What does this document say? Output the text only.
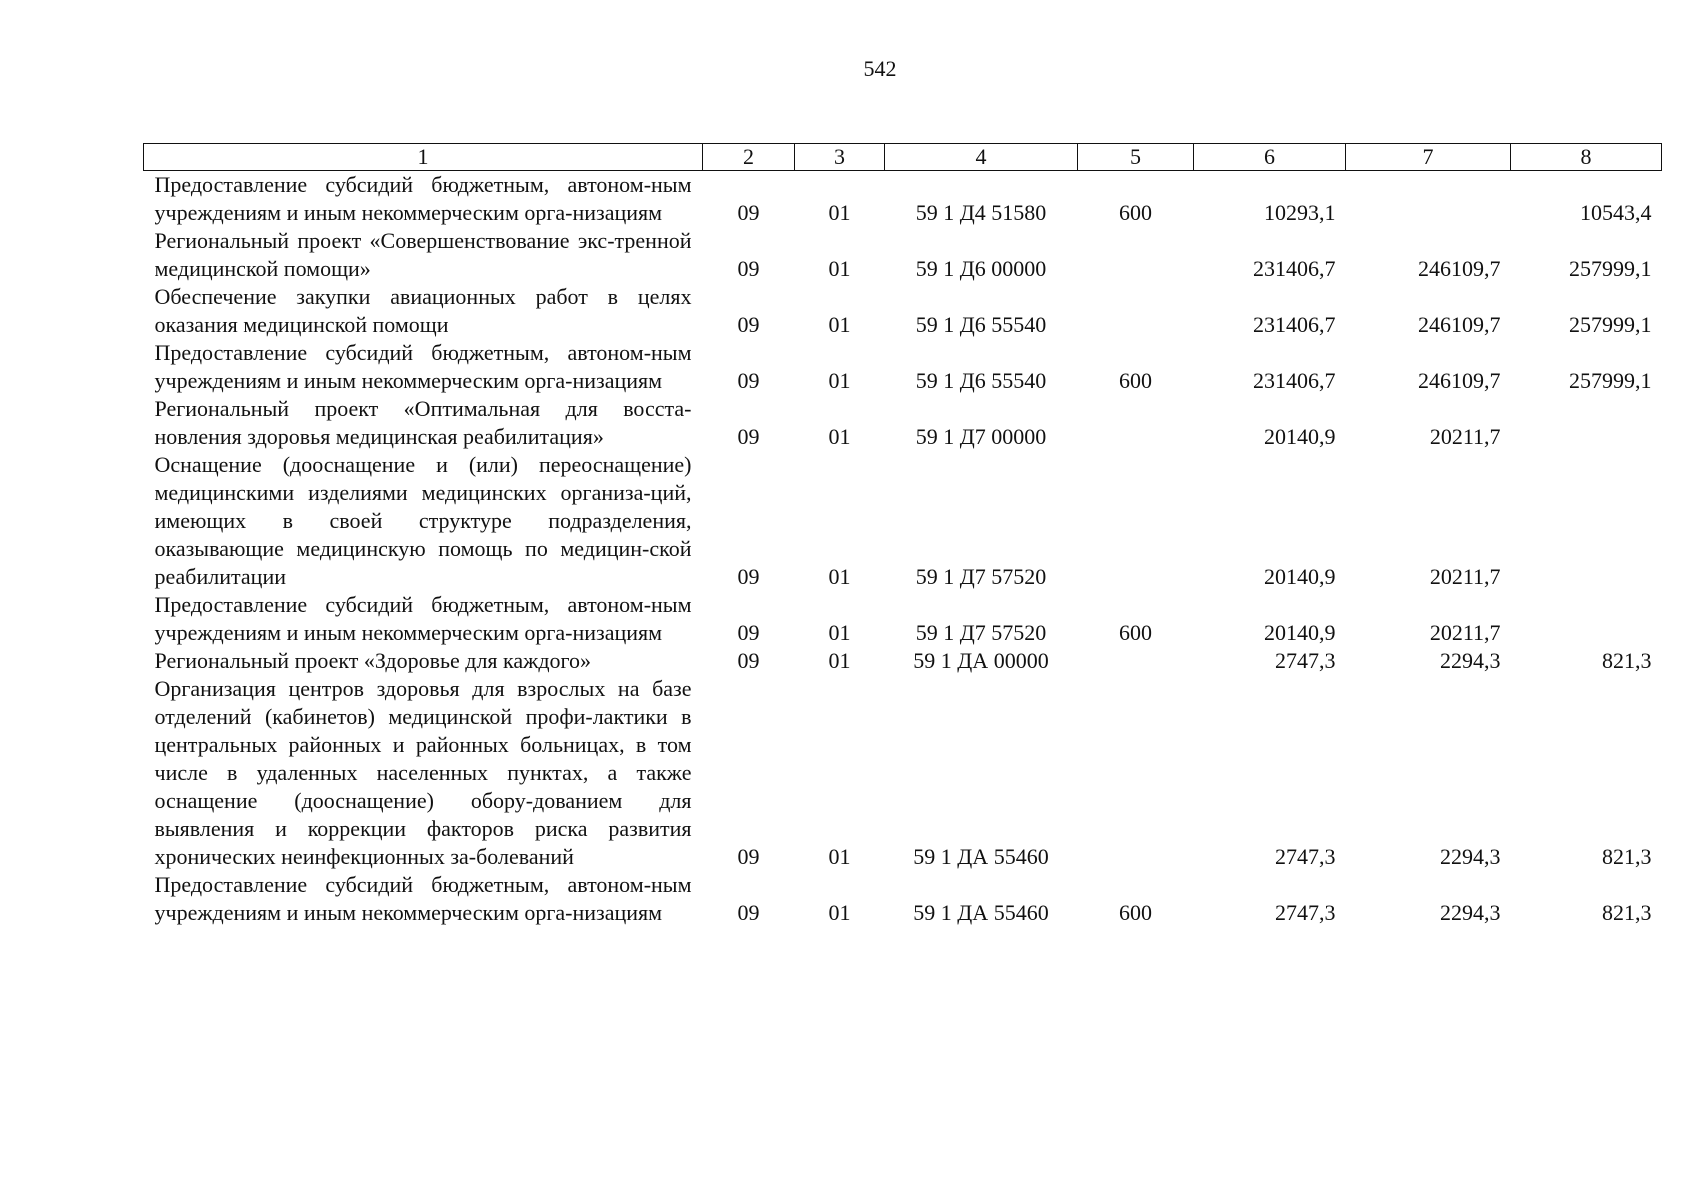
542
1	2	3	4	5	6	7	8
Предоставление субсидий бюджетным, автоном-ным учреждениям и иным некоммерческим орга-низациям	09	01	59 1 Д4 51580	600	10293,1		10543,4
Региональный проект «Совершенствование экс-тренной медицинской помощи»	09	01	59 1 Д6 00000		231406,7	246109,7	257999,1
Обеспечение закупки авиационных работ в целях оказания медицинской помощи	09	01	59 1 Д6 55540		231406,7	246109,7	257999,1
Предоставление субсидий бюджетным, автоном-ным учреждениям и иным некоммерческим орга-низациям	09	01	59 1 Д6 55540	600	231406,7	246109,7	257999,1
Региональный проект «Оптимальная для восста-новления здоровья медицинская реабилитация»	09	01	59 1 Д7 00000		20140,9	20211,7	
Оснащение (дооснащение и (или) переоснащение) медицинскими изделиями медицинских организа-ций, имеющих в своей структуре подразделения, оказывающие медицинскую помощь по медицин-ской реабилитации	09	01	59 1 Д7 57520		20140,9	20211,7	
Предоставление субсидий бюджетным, автоном-ным учреждениям и иным некоммерческим орга-низациям	09	01	59 1 Д7 57520	600	20140,9	20211,7	
Региональный проект «Здоровье для каждого»	09	01	59 1 ДА 00000		2747,3	2294,3	821,3
Организация центров здоровья для взрослых на базе отделений (кабинетов) медицинской профи-лактики в центральных районных и районных больницах, в том числе в удаленных населенных пунктах, а также оснащение (дооснащение) обору-дованием для выявления и коррекции факторов риска развития хронических неинфекционных за-болеваний	09	01	59 1 ДА 55460		2747,3	2294,3	821,3
Предоставление субсидий бюджетным, автоном-ным учреждениям и иным некоммерческим орга-низациям	09	01	59 1 ДА 55460	600	2747,3	2294,3	821,3
